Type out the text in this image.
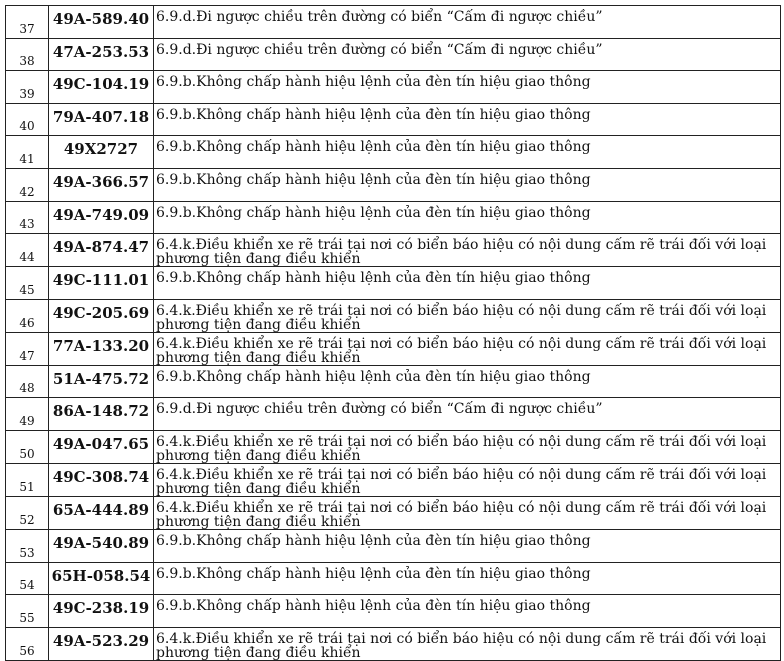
37	49A-589.40	6.9.d.Đi ngược chiều trên đường có biển “Cấm đi ngược chiều”

38	47A-253.53	6.9.d.Đi ngược chiều trên đường có biển “Cấm đi ngược chiều”

39	49C-104.19	6.9.b.Không chấp hành hiệu lệnh của đèn tín hiệu giao thông

40	79A-407.18	6.9.b.Không chấp hành hiệu lệnh của đèn tín hiệu giao thông

41	49X2727	6.9.b.Không chấp hành hiệu lệnh của đèn tín hiệu giao thông

42	49A-366.57	6.9.b.Không chấp hành hiệu lệnh của đèn tín hiệu giao thông

43	49A-749.09	6.9.b.Không chấp hành hiệu lệnh của đèn tín hiệu giao thông

44	49A-874.47	6.4.k.Điều khiển xe rẽ trái tại nơi có biển báo hiệu có nội dung cấm rẽ trái đối với loại phương tiện đang điều khiển

45	49C-111.01	6.9.b.Không chấp hành hiệu lệnh của đèn tín hiệu giao thông

46	49C-205.69	6.4.k.Điều khiển xe rẽ trái tại nơi có biển báo hiệu có nội dung cấm rẽ trái đối với loại phương tiện đang điều khiển

47	77A-133.20	6.4.k.Điều khiển xe rẽ trái tại nơi có biển báo hiệu có nội dung cấm rẽ trái đối với loại phương tiện đang điều khiển

48	51A-475.72	6.9.b.Không chấp hành hiệu lệnh của đèn tín hiệu giao thông

49	86A-148.72	6.9.d.Đi ngược chiều trên đường có biển “Cấm đi ngược chiều”

50	49A-047.65	6.4.k.Điều khiển xe rẽ trái tại nơi có biển báo hiệu có nội dung cấm rẽ trái đối với loại phương tiện đang điều khiển

51	49C-308.74	6.4.k.Điều khiển xe rẽ trái tại nơi có biển báo hiệu có nội dung cấm rẽ trái đối với loại phương tiện đang điều khiển

52	65A-444.89	6.4.k.Điều khiển xe rẽ trái tại nơi có biển báo hiệu có nội dung cấm rẽ trái đối với loại phương tiện đang điều khiển

53	49A-540.89	6.9.b.Không chấp hành hiệu lệnh của đèn tín hiệu giao thông

54	65H-058.54	6.9.b.Không chấp hành hiệu lệnh của đèn tín hiệu giao thông

55	49C-238.19	6.9.b.Không chấp hành hiệu lệnh của đèn tín hiệu giao thông

56	49A-523.29	6.4.k.Điều khiển xe rẽ trái tại nơi có biển báo hiệu có nội dung cấm rẽ trái đối với loại phương tiện đang điều khiển
